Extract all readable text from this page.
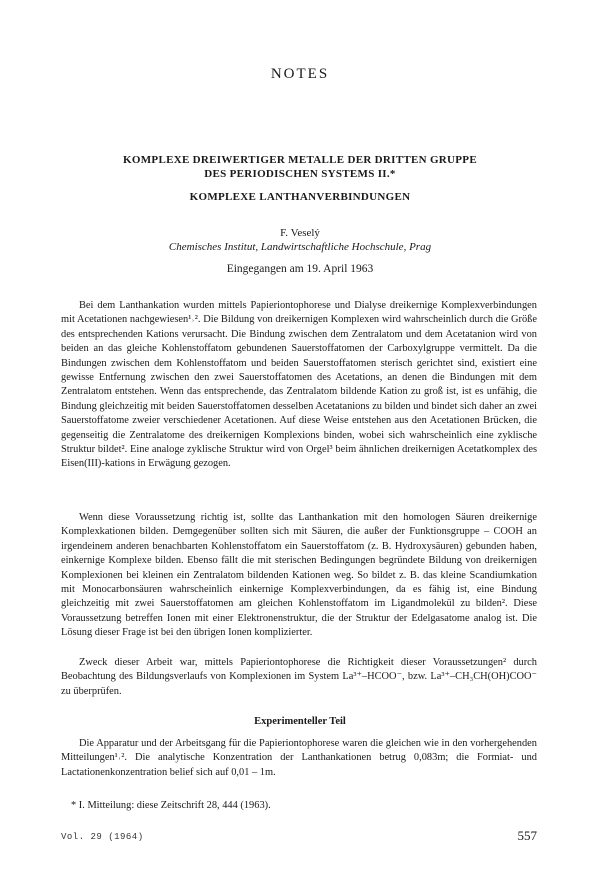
NOTES
KOMPLEXE DREIWERTIGER METALLE DER DRITTEN GRUPPE
DES PERIODISCHEN SYSTEMS II.*
KOMPLEXE LANTHANVERBINDUNGEN
F. Veselý
Chemisches Institut, Landwirtschaftliche Hochschule, Prag
Eingegangen am 19. April 1963

Bei dem Lanthankation wurden mittels Papieriontophorese und Dialyse dreikernige Komplexverbindungen mit Acetationen nachgewiesen¹˒². Die Bildung von dreikernigen Komplexen wird wahrscheinlich durch die Größe des entsprechenden Kations verursacht. Die Bindung zwischen dem Zentralatom und dem Acetatanion wird von beiden an das gleiche Kohlenstoffatom gebundenen Sauerstoffatomen der Carboxylgruppe vermittelt. Da die Bindungen zwischen dem Kohlenstoffatom und beiden Sauerstoffatomen sterisch gerichtet sind, existiert eine gewisse Entfernung zwischen den zwei Sauerstoffatomen des Acetations, an denen die Bindungen mit dem Zentralatom entstehen. Wenn das entsprechende, das Zentralatom bildende Kation zu groß ist, ist es unfähig, die Bindung gleichzeitig mit beiden Sauerstoffatomen desselben Acetatanions zu bilden und bindet sich daher an zwei Sauerstoffatome zweier verschiedener Acetationen. Auf diese Weise entstehen aus den Acetationen Brücken, die gegenseitig die Zentralatome des dreikernigen Komplexions binden, wobei sich wahrscheinlich eine zyklische Struktur bildet². Eine analoge zyklische Struktur wird von Orgel³ beim ähnlichen dreikernigen Acetatkomplex des Eisen(III)-kations in Erwägung gezogen.

Wenn diese Voraussetzung richtig ist, sollte das Lanthankation mit den homologen Säuren dreikernige Komplexkationen bilden. Demgegenüber sollten sich mit Säuren, die außer der Funktionsgruppe – COOH an irgendeinem anderen benachbarten Kohlenstoffatom ein Sauerstoffatom (z. B. Hydroxysäuren) gebunden haben, einkernige Komplexe bilden. Ebenso fällt die mit sterischen Bedingungen begründete Bildung von dreikernigen Komplexionen bei kleinen ein Zentralatom bildenden Kationen weg. So bildet z. B. das kleine Scandiumkation mit Monocarbonsäuren wahrscheinlich einkernige Komplexverbindungen, da es fähig ist, eine Bindung gleichzeitig mit zwei Sauerstoffatomen am gleichen Kohlenstoffatom im Ligandmolekül zu bilden². Diese Voraussetzung betreffen Ionen mit einer Elektronenstruktur, die der Struktur der Edelgasatome analog ist. Die Lösung dieser Frage ist bei den übrigen Ionen komplizierter.

Zweck dieser Arbeit war, mittels Papieriontophorese die Richtigkeit dieser Voraussetzungen² durch Beobachtung des Bildungsverlaufs von Komplexionen im System La³⁺–HCOO⁻, bzw. La³⁺–CH₃CH(OH)COO⁻ zu überprüfen.

Experimenteller Teil

Die Apparatur und der Arbeitsgang für die Papieriontophorese waren die gleichen wie in den vorhergehenden Mitteilungen¹˒². Die analytische Konzentration der Lanthankationen betrug 0,083m; die Formiat- und Lactationenkonzentration belief sich auf 0,01 – 1m.

* I. Mitteilung: diese Zeitschrift 28, 444 (1963).
Vol. 29 (1964)	557
